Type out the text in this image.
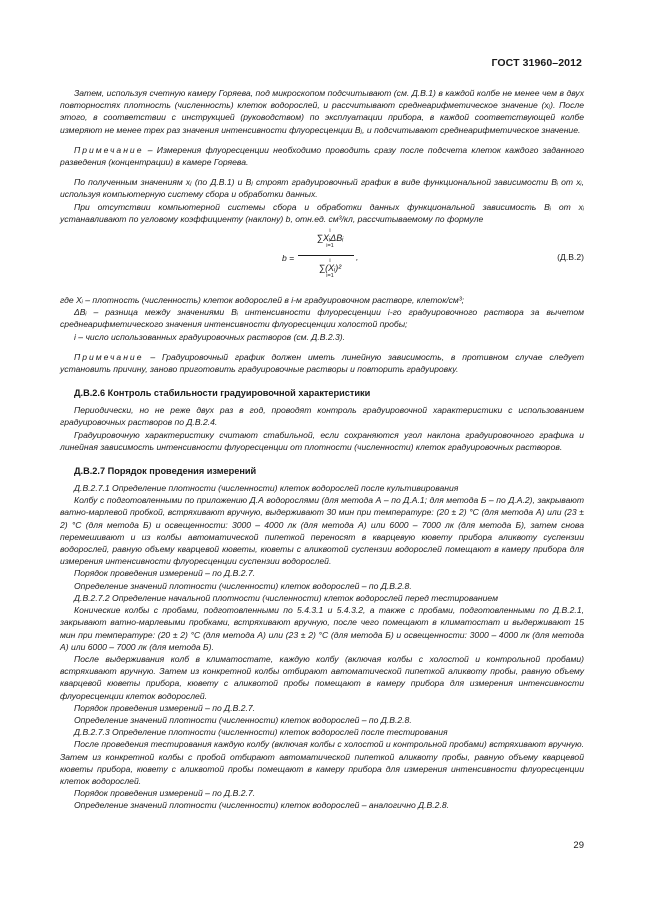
ГОСТ 31960–2012

Затем, используя счетную камеру Горяева, под микроскопом подсчитывают (см. Д.В.1) в каждой колбе не менее чем в двух повторностях плотность (численность) клеток водорослей, и рассчитывают среднеарифметическое значение (xⱼ). После этого, в соответствии с инструкцией (руководством) по эксплуатации прибора, в каждой соответствующей колбе измеряют не менее трех раз значения интенсивности флуоресценции Bⱼ, и подсчитывают среднеарифметическое значение.

Примечание – Измерения флуоресценции необходимо проводить сразу после подсчета клеток каждого заданного разведения (концентрации) в камере Горяева.

По полученным значениям xⱼ (по Д.В.1) и Bⱼ строят градуировочный график в виде функциональной зависимости Bᵢ от xᵢ, используя компьютерную систему сбора и обработки данных.

При отсутствии компьютерной системы сбора и обработки данных функциональной зависимость Bᵢ от xᵢ устанавливают по угловому коэффициенту (наклону) b, отн.ед. см³/кл, рассчитываемому по формуле

b =
i
∑XᵢΔBᵢ
i=1
i
∑(Xᵢ)²
i=1
,	(Д.В.2)

где Xᵢ – плотность (численность) клеток водорослей в i-м градуировочном растворе, клеток/см³;

ΔBᵢ – разница между значениями Bᵢ интенсивности флуоресценции i-го градуировочного раствора за вычетом среднеарифметического значения интенсивности флуоресценции холостой пробы;

i – число использованных градуировочных растворов (см. Д.В.2.3).

Примечание – Градуировочный график должен иметь линейную зависимость, в противном случае следует установить причину, заново приготовить градуировочные растворы и повторить градуировку.

Д.В.2.6 Контроль стабильности градуировочной характеристики

Периодически, но не реже двух раз в год, проводят контроль градуировочной характеристики с использованием градуировочных растворов по Д.В.2.4.

Градуировочную характеристику считают стабильной, если сохраняются угол наклона градуировочного графика и линейная зависимость интенсивности флуоресценции от плотности (численности) клеток градуировочных растворов.

Д.В.2.7 Порядок проведения измерений

Д.В.2.7.1 Определение плотности (численности) клеток водорослей после культивирования

Колбу с подготовленными по приложению Д.А водорослями (для метода А – по Д.А.1; для метода Б – по Д.А.2), закрывают ватно-марлевой пробкой, встряхивают вручную, выдерживают 30 мин при температуре: (20 ± 2) °С (для метода А) или (23 ± 2) °С (для метода Б) и освещенности: 3000 – 4000 лк (для метода А) или 6000 – 7000 лк (для метода Б), затем снова перемешивают и из колбы автоматической пипеткой переносят в кварцевую кювету прибора аликвоту суспензии водорослей, равную объему кварцевой кюветы, кюветы с аликвотой суспензии водорослей помещают в камеру прибора для измерения интенсивности флуоресценции суспензии водорослей.

Порядок проведения измерений – по Д.В.2.7.

Определение значений плотности (численности) клеток водорослей – по Д.В.2.8.

Д.В.2.7.2 Определение начальной плотности (численности) клеток водорослей перед тестированием

Конические колбы с пробами, подготовленными по 5.4.3.1 и 5.4.3.2, а также с пробами, подготовленными по Д.В.2.1, закрывают ватно-марлевыми пробками, встряхивают вручную, после чего помещают в климатостат и выдерживают 15 мин при температуре: (20 ± 2) °С (для метода А) или (23 ± 2) °С (для метода Б) и освещенности: 3000 – 4000 лк (для метода А) или 6000 – 7000 лк (для метода Б).

После выдерживания колб в климатостате, каждую колбу (включая колбы с холостой и контрольной пробами) встряхивают вручную. Затем из конкретной колбы отбирают автоматической пипеткой аликвоту пробы, равную объему кварцевой кюветы прибора, кювету с аликвотой пробы помещают в камеру прибора для измерения интенсивности флуоресценции клеток водорослей.

Порядок проведения измерений – по Д.В.2.7.

Определение значений плотности (численности) клеток водорослей – по Д.В.2.8.

Д.В.2.7.3 Определение плотности (численности) клеток водорослей после тестирования

После проведения тестирования каждую колбу (включая колбы с холостой и контрольной пробами) встряхивают вручную. Затем из конкретной колбы с пробой отбирают автоматической пипеткой аликвоту пробы, равную объему кварцевой кюветы прибора, кювету с аликвотой пробы помещают в камеру прибора для измерения интенсивности флуоресценции клеток водорослей.

Порядок проведения измерений – по Д.В.2.7.

Определение значений плотности (численности) клеток водорослей – аналогично Д.В.2.8.

29
